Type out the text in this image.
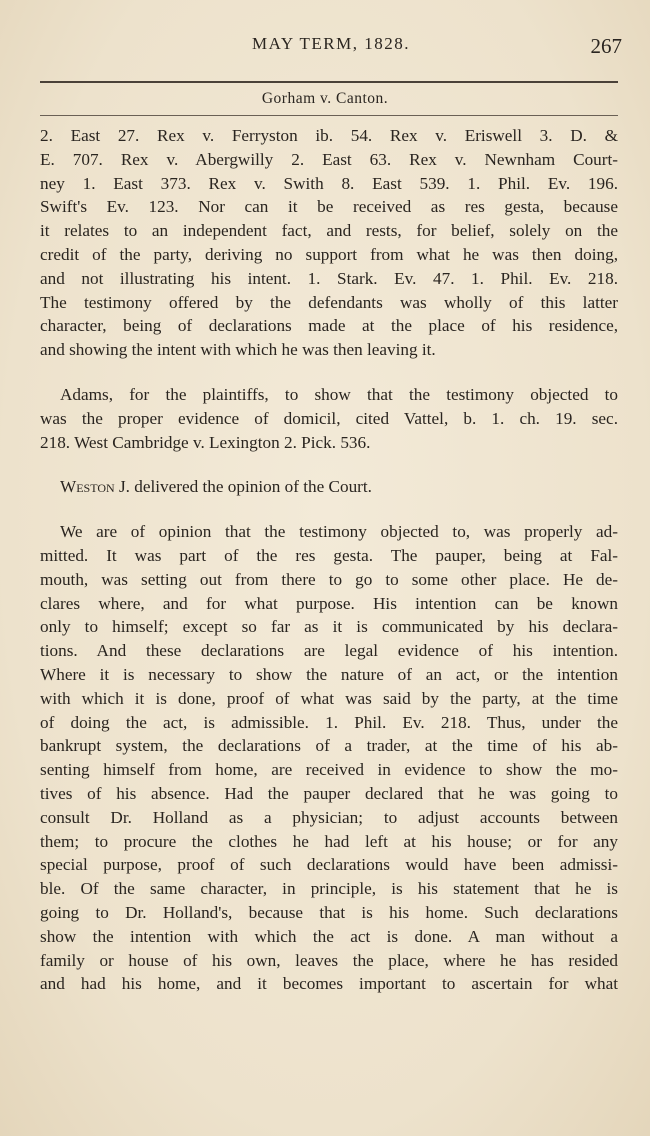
MAY TERM, 1828.	267
Gorham v. Canton.
2. East 27. Rex v. Ferryston ib. 54. Rex v. Eriswell 3. D. &
E. 707. Rex v. Abergwilly 2. East 63. Rex v. Newnham Court-
ney 1. East 373. Rex v. Swith 8. East 539. 1. Phil. Ev. 196.
Swift's Ev. 123. Nor can it be received as res gesta, because
it relates to an independent fact, and rests, for belief, solely on the
credit of the party, deriving no support from what he was then doing,
and not illustrating his intent. 1. Stark. Ev. 47. 1. Phil. Ev. 218.
The testimony offered by the defendants was wholly of this latter
character, being of declarations made at the place of his residence,
and showing the intent with which he was then leaving it.
Adams, for the plaintiffs, to show that the testimony objected to
was the proper evidence of domicil, cited Vattel, b. 1. ch. 19. sec.
218. West Cambridge v. Lexington 2. Pick. 536.
Weston J. delivered the opinion of the Court.
We are of opinion that the testimony objected to, was properly ad-
mitted. It was part of the res gesta. The pauper, being at Fal-
mouth, was setting out from there to go to some other place. He de-
clares where, and for what purpose. His intention can be known
only to himself; except so far as it is communicated by his declara-
tions. And these declarations are legal evidence of his intention.
Where it is necessary to show the nature of an act, or the intention
with which it is done, proof of what was said by the party, at the time
of doing the act, is admissible. 1. Phil. Ev. 218. Thus, under the
bankrupt system, the declarations of a trader, at the time of his ab-
senting himself from home, are received in evidence to show the mo-
tives of his absence. Had the pauper declared that he was going to
consult Dr. Holland as a physician; to adjust accounts between
them; to procure the clothes he had left at his house; or for any
special purpose, proof of such declarations would have been admissi-
ble. Of the same character, in principle, is his statement that he is
going to Dr. Holland's, because that is his home. Such declarations
show the intention with which the act is done. A man without a
family or house of his own, leaves the place, where he has resided
and had his home, and it becomes important to ascertain for what
